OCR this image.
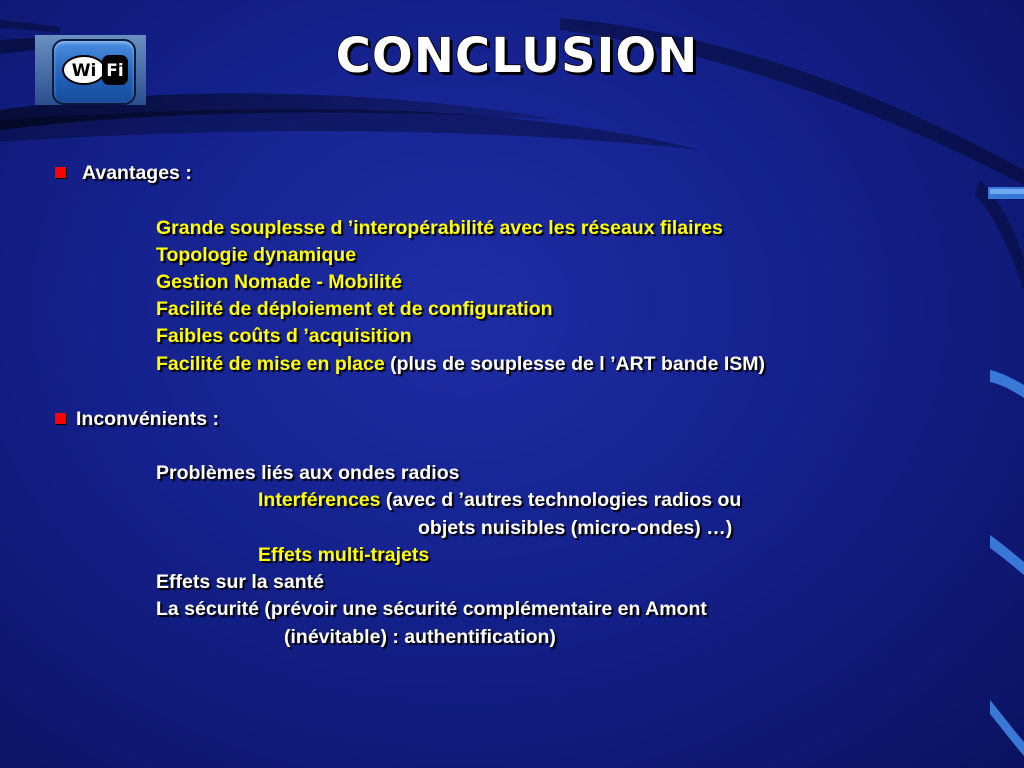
Wi Fi	CONCLUSION
Avantages :
Grande souplesse d ’interopérabilité avec les réseaux filaires
Topologie dynamique
Gestion Nomade - Mobilité
Facilité de déploiement et de configuration
Faibles coûts d ’acquisition
Facilité de mise en place (plus de souplesse de l ’ART bande ISM)
Inconvénients :
Problèmes liés aux ondes radios
Interférences (avec d ’autres technologies radios ou
objets nuisibles (micro-ondes) …)
Effets multi-trajets
Effets sur la santé
La sécurité (prévoir une sécurité complémentaire en Amont
(inévitable) : authentification)
